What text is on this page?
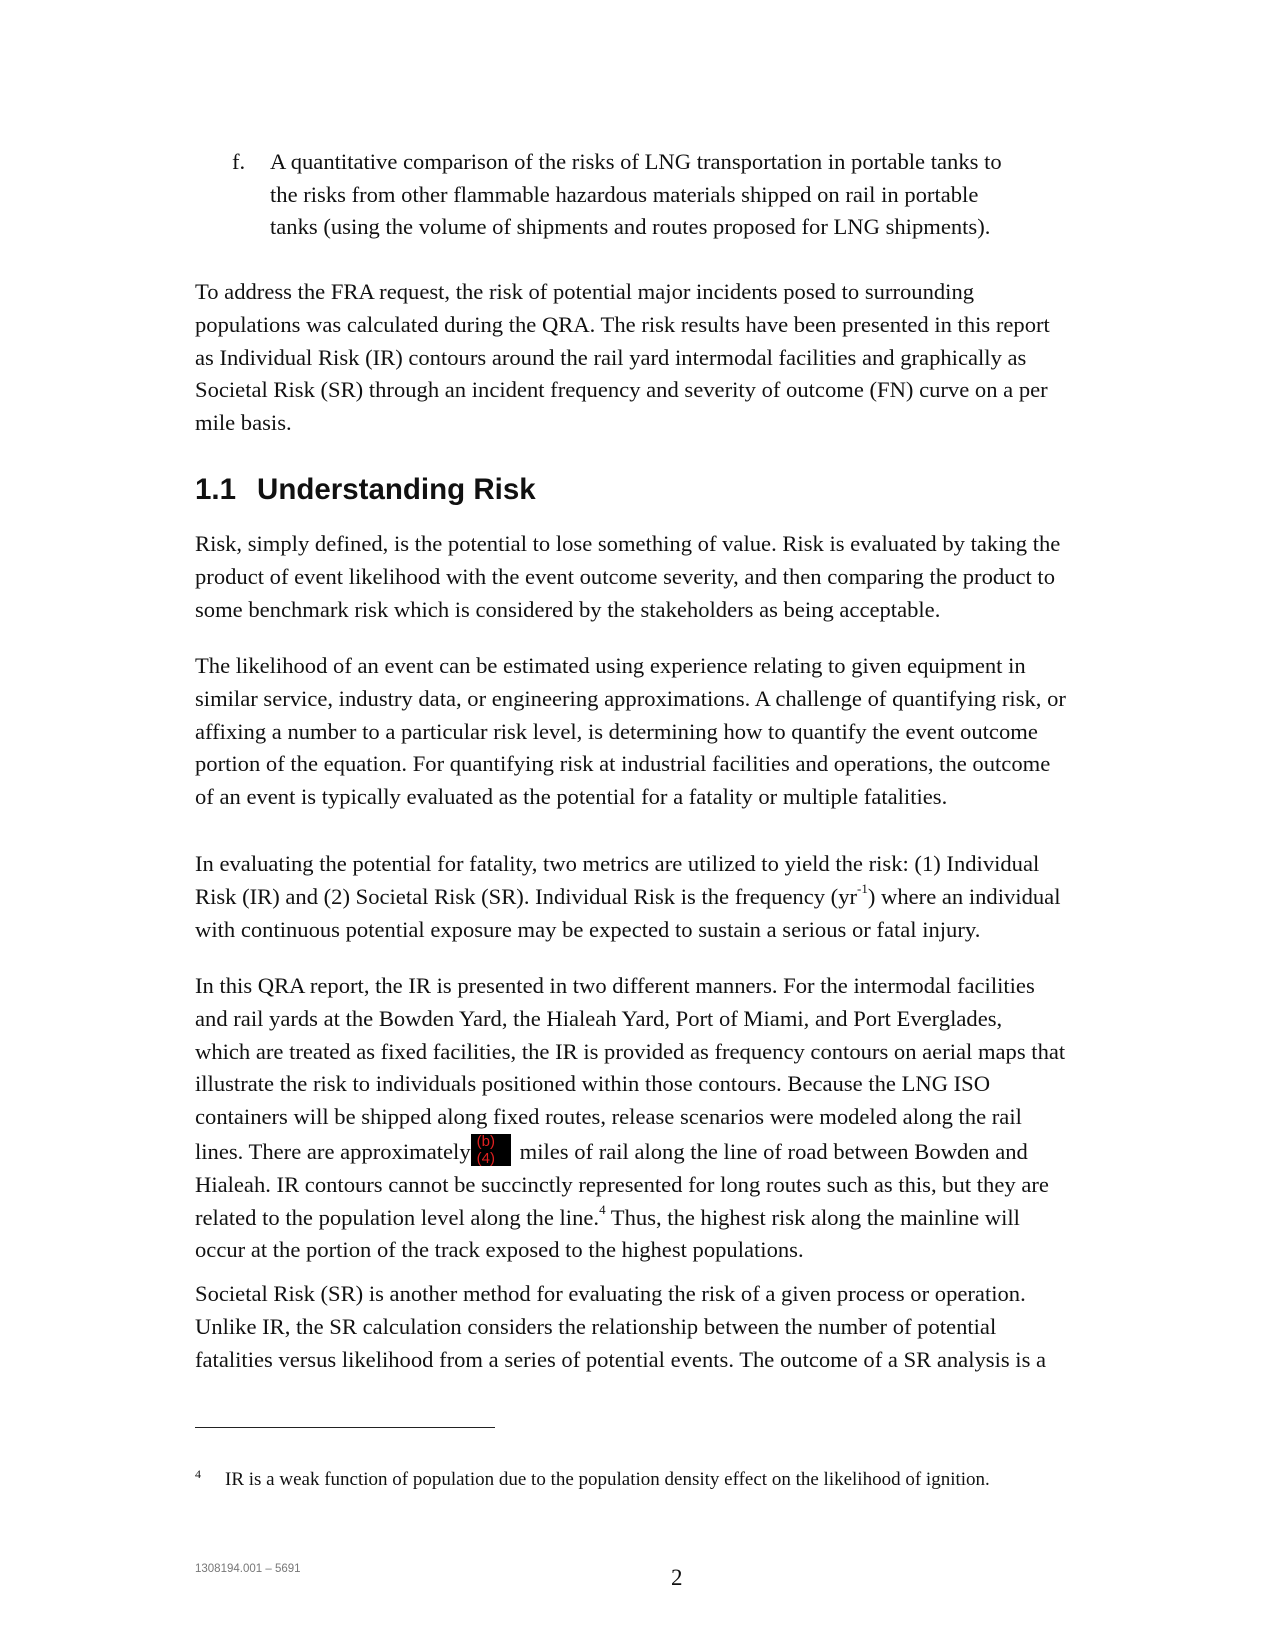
f. A quantitative comparison of the risks of LNG transportation in portable tanks to
the risks from other flammable hazardous materials shipped on rail in portable
tanks (using the volume of shipments and routes proposed for LNG shipments).
To address the FRA request, the risk of potential major incidents posed to surrounding
populations was calculated during the QRA. The risk results have been presented in this report
as Individual Risk (IR) contours around the rail yard intermodal facilities and graphically as
Societal Risk (SR) through an incident frequency and severity of outcome (FN) curve on a per
mile basis.
1.1 Understanding Risk
Risk, simply defined, is the potential to lose something of value. Risk is evaluated by taking the
product of event likelihood with the event outcome severity, and then comparing the product to
some benchmark risk which is considered by the stakeholders as being acceptable.
The likelihood of an event can be estimated using experience relating to given equipment in
similar service, industry data, or engineering approximations. A challenge of quantifying risk, or
affixing a number to a particular risk level, is determining how to quantify the event outcome
portion of the equation. For quantifying risk at industrial facilities and operations, the outcome
of an event is typically evaluated as the potential for a fatality or multiple fatalities.
In evaluating the potential for fatality, two metrics are utilized to yield the risk: (1) Individual
Risk (IR) and (2) Societal Risk (SR). Individual Risk is the frequency $(yr^{-1})$ where an individual
with continuous potential exposure may be expected to sustain a serious or fatal injury.
In this QRA report, the IR is presented in two different manners. For the intermodal facilities
and rail yards at the Bowden Yard, the Hialeah Yard, Port of Miami, and Port Everglades,
which are treated as fixed facilities, the IR is provided as frequency contours on aerial maps that
illustrate the risk to individuals positioned within those contours. Because the LNG ISO
containers will be shipped along fixed routes, release scenarios were modeled along the rail
lines. There are approximately (b)
(4) miles of rail along the line of road between Bowden and
Hialeah. IR contours cannot be succinctly represented for long routes such as this, but they are
related to the population level along the line.$^4$ Thus, the highest risk along the mainline will
occur at the portion of the track exposed to the highest populations.
Societal Risk (SR) is another method for evaluating the risk of a given process or operation.
Unlike IR, the SR calculation considers the relationship between the number of potential
fatalities versus likelihood from a series of potential events. The outcome of a SR analysis is a
4 IR is a weak function of population due to the population density effect on the likelihood of ignition.
1308194.001 – 5691	2
